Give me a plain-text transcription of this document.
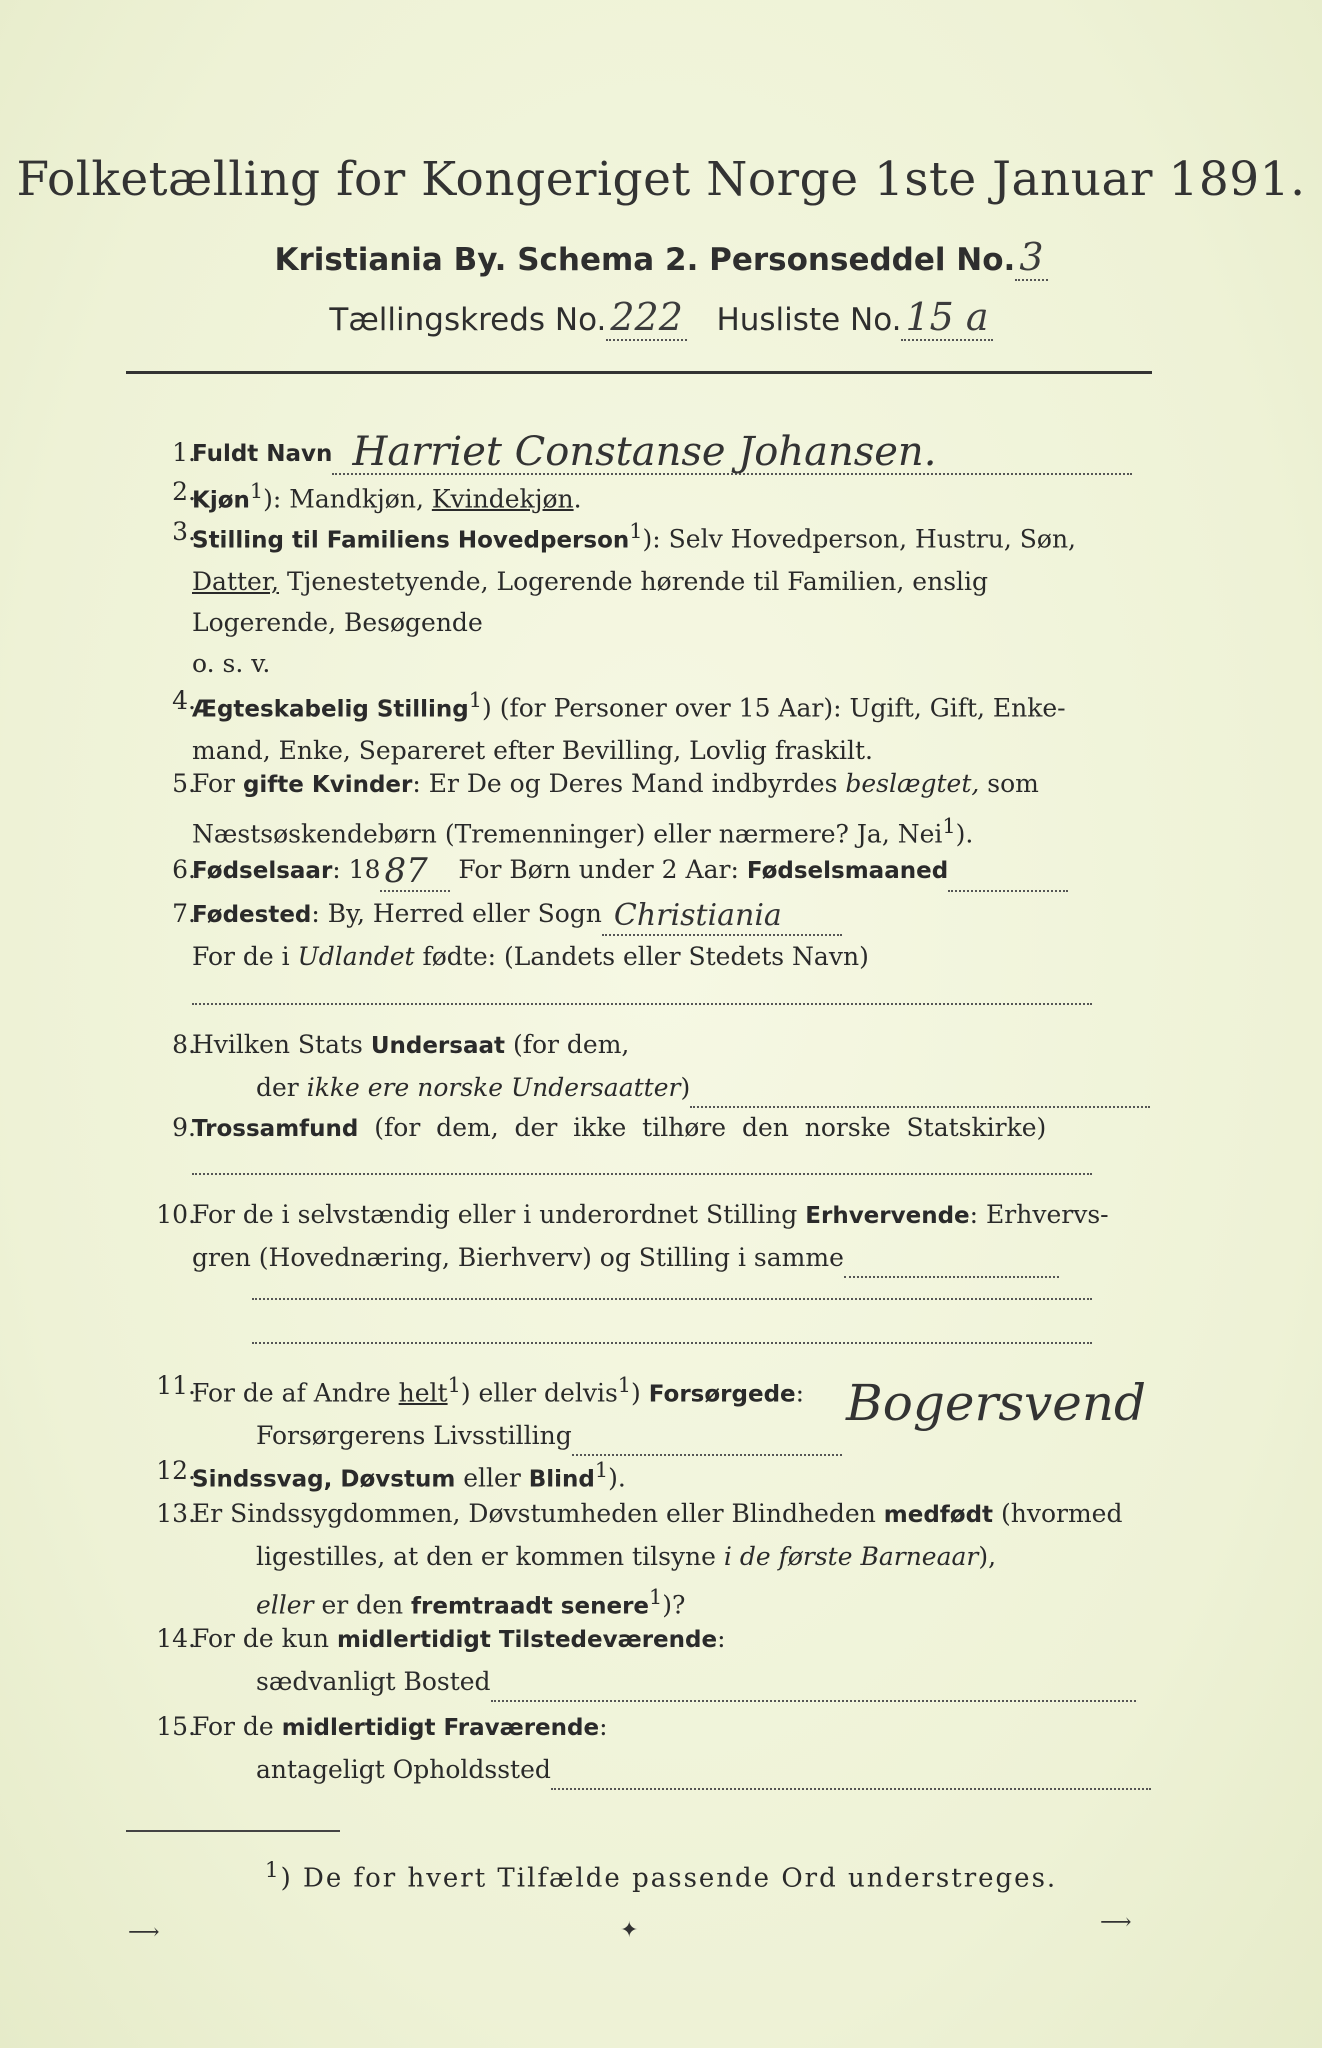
Folketælling for Kongeriget Norge 1ste Januar 1891.
Kristiania By. Schema 2. Personseddel No. 3
Tællingskreds No. 222 Husliste No. 15 a
1.
Fuldt Navn Harriet Constanse Johansen.
2.
Kjøn$^1$): Mandkjøn, Kvindekjøn.
3.
Stilling til Familiens Hovedperson$^1$): Selv Hovedperson, Hustru, Søn,
Datter, Tjenestetyende, Logerende hørende til Familien, enslig
Logerende, Besøgende
o. s. v.
4.
Ægteskabelig Stilling$^1$) (for Personer over 15 Aar): Ugift, Gift, Enke-
mand, Enke, Separeret efter Bevilling, Lovlig fraskilt.
5.
For gifte Kvinder: Er De og Deres Mand indbyrdes beslægtet, som
Næstsøskendebørn (Tremenninger) eller nærmere? Ja, Nei$^1$).
6.
Fødselsaar: 18 87 For Børn under 2 Aar: Fødselsmaaned
7.
Fødested: By, Herred eller Sogn Christiania
For de i Udlandet fødte: (Landets eller Stedets Navn)
8.
Hvilken Stats Undersaat (for dem,
der ikke ere norske Undersaatter)
9.
Trossamfund  (for  dem,  der  ikke  tilhøre  den  norske  Statskirke)
10.
For de i selvstændig eller i underordnet Stilling Erhvervende: Erhvervs-
gren (Hovednæring, Bierhverv) og Stilling i samme
11.
For de af Andre helt$^1$) eller delvis$^1$) Forsørgede:
Forsørgerens Livsstilling
Bogersvend
12.
Sindssvag, Døvstum eller Blind$^1$).
13.
Er Sindssygdommen, Døvstumheden eller Blindheden medfødt (hvormed
ligestilles, at den er kommen tilsyne i de første Barneaar),
eller er den fremtraadt senere$^1$)?
14.
For de kun midlertidigt Tilstedeværende:
sædvanligt Bosted
15.
For de midlertidigt Fraværende:
antageligt Opholdssted
$^1$) De for hvert Tilfælde passende Ord understreges.
⟶	✦	⟶
